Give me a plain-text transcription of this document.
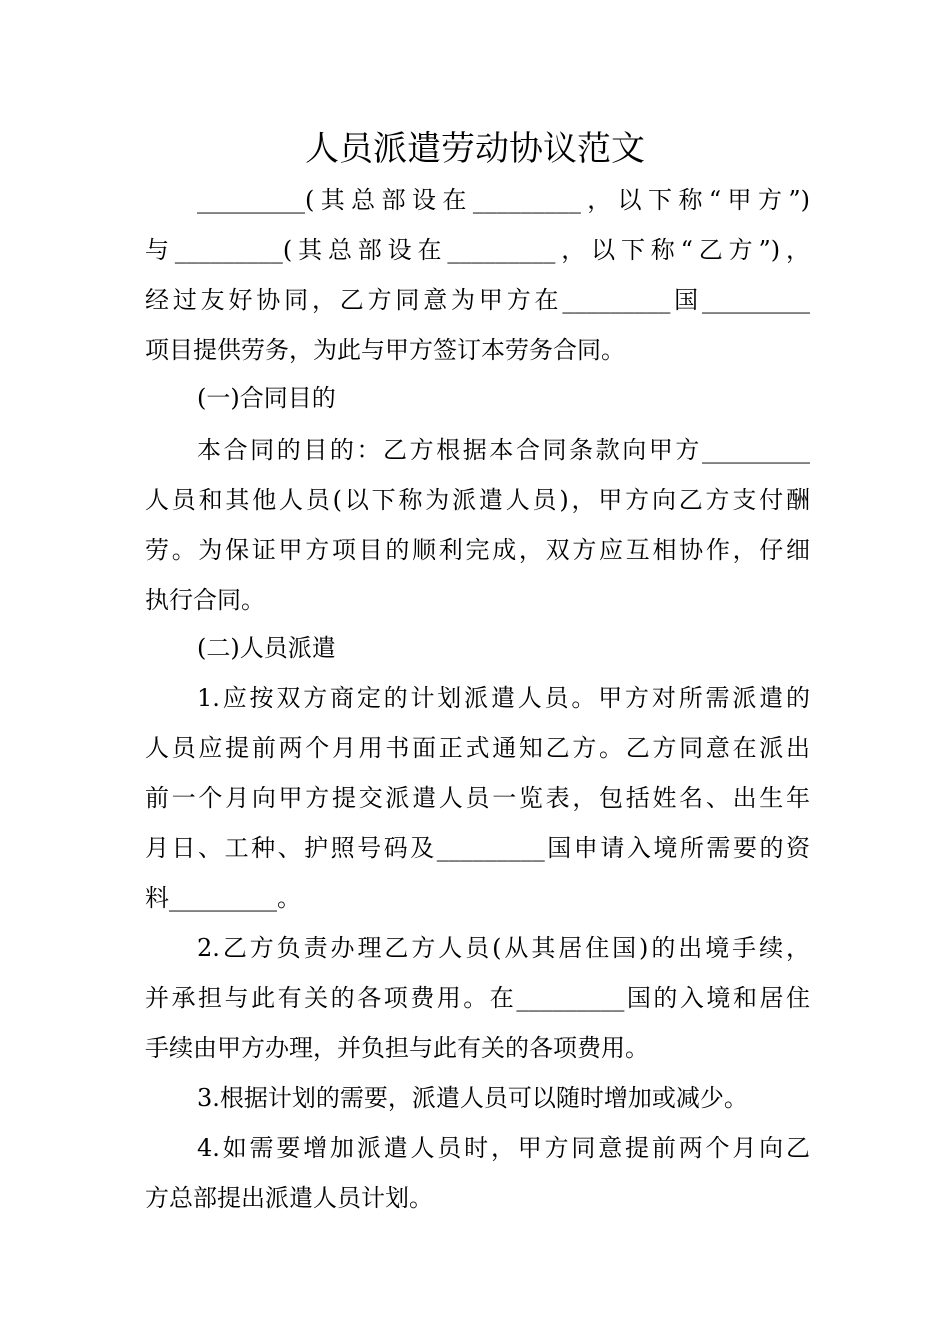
人员派遣劳动协议范文
_________(其总部设在_________，以下称“甲方”)
与_________(其总部设在_________，以下称“乙方”)，
经过友好协同，乙方同意为甲方在_________国_________
项目提供劳务，为此与甲方签订本劳务合同。
(一)合同目的
本合同的目的：乙方根据本合同条款向甲方_________
人员和其他人员(以下称为派遣人员)，甲方向乙方支付酬
劳。为保证甲方项目的顺利完成，双方应互相协作，仔细
执行合同。
(二)人员派遣
1.应按双方商定的计划派遣人员。甲方对所需派遣的
人员应提前两个月用书面正式通知乙方。乙方同意在派出
前一个月向甲方提交派遣人员一览表，包括姓名、出生年
月日、工种、护照号码及_________国申请入境所需要的资
料_________。
2.乙方负责办理乙方人员(从其居住国)的出境手续，
并承担与此有关的各项费用。在_________国的入境和居住
手续由甲方办理，并负担与此有关的各项费用。
3.根据计划的需要，派遣人员可以随时增加或减少。
4.如需要增加派遣人员时，甲方同意提前两个月向乙
方总部提出派遣人员计划。
